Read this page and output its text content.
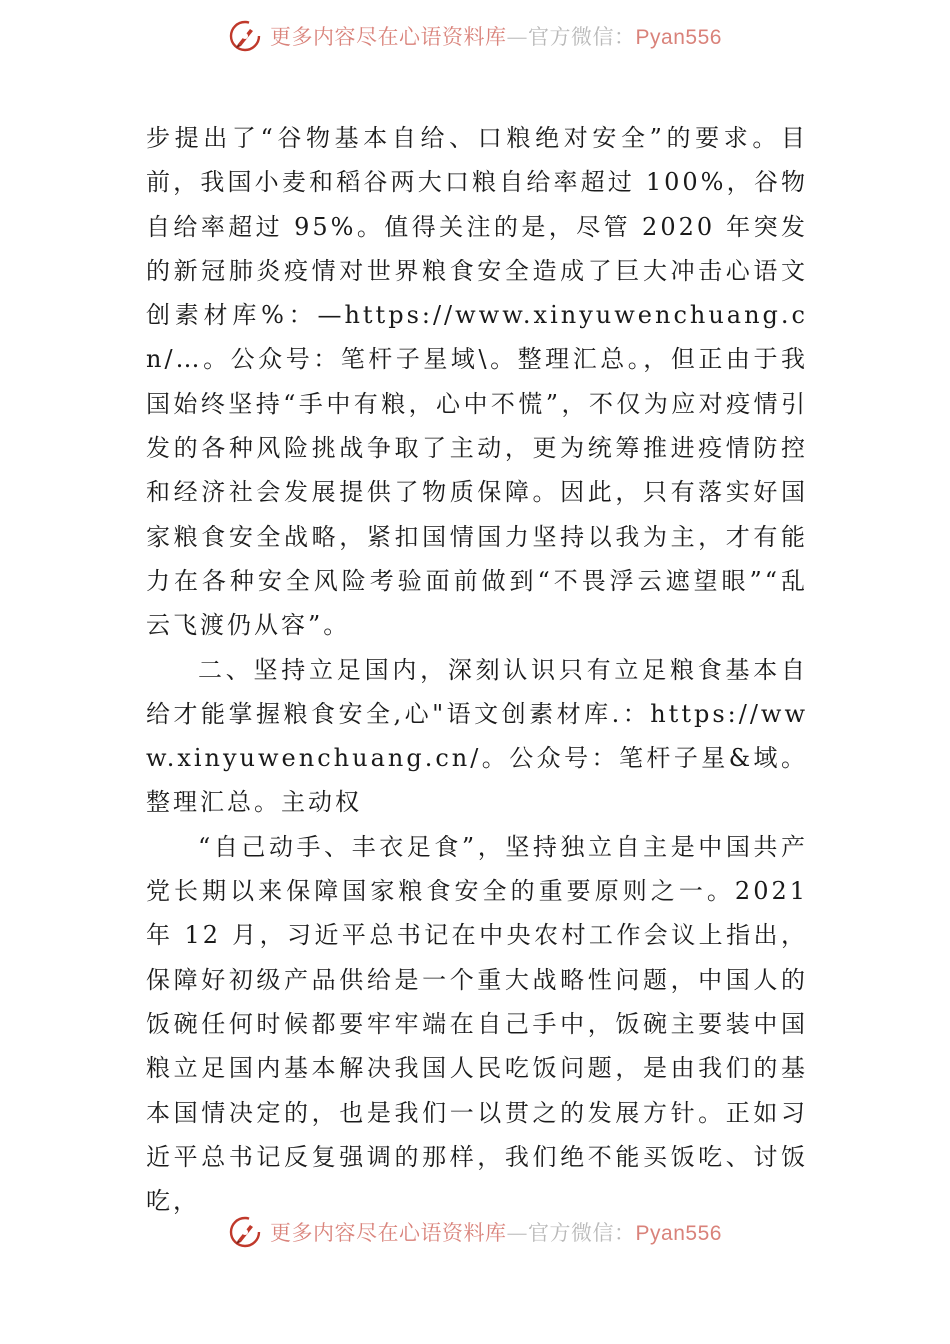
更多内容尽在心语资料库—官方微信：Pyan556

步提出了“谷物基本自给、口粮绝对安全”的要求。目前，我国小麦和稻谷两大口粮自给率超过 100%，谷物自给率超过 95%。值得关注的是，尽管 2020 年突发的新冠肺炎疫情对世界粮食安全造成了巨大冲击心语文创素材库%：—https://www.xinyuwenchuang.cn/…。公众号：笔杆子星域\。整理汇总。，但正由于我国始终坚持“手中有粮，心中不慌”，不仅为应对疫情引发的各种风险挑战争取了主动，更为统筹推进疫情防控和经济社会发展提供了物质保障。因此，只有落实好国家粮食安全战略，紧扣国情国力坚持以我为主，才有能力在各种安全风险考验面前做到“不畏浮云遮望眼”“乱云飞渡仍从容”。

二、坚持立足国内，深刻认识只有立足粮食基本自给才能掌握粮食安全,心"语文创素材库.：https://www.xinyuwenchuang.cn/。公众号：笔杆子星&域。整理汇总。主动权

“自己动手、丰衣足食”，坚持独立自主是中国共产党长期以来保障国家粮食安全的重要原则之一。2021 年 12 月，习近平总书记在中央农村工作会议上指出，保障好初级产品供给是一个重大战略性问题，中国人的饭碗任何时候都要牢牢端在自己手中，饭碗主要装中国粮立足国内基本解决我国人民吃饭问题，是由我们的基本国情决定的，也是我们一以贯之的发展方针。正如习近平总书记反复强调的那样，我们绝不能买饭吃、讨饭吃，

更多内容尽在心语资料库—官方微信：Pyan556
